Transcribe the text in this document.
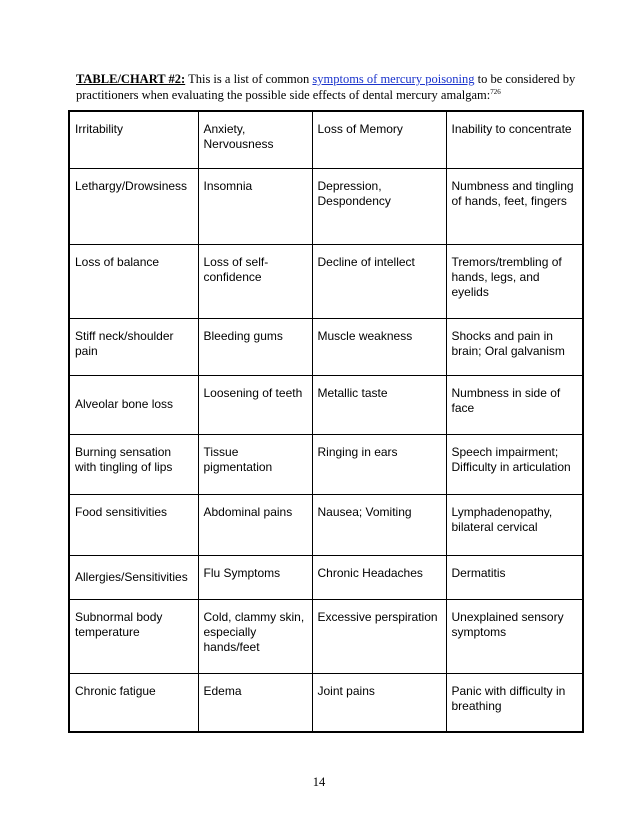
TABLE/CHART #2: This is a list of common symptoms of mercury poisoning to be considered by practitioners when evaluating the possible side effects of dental mercury amalgam:$^{726}$
Irritability	Anxiety, Nervousness	Loss of Memory	Inability to concentrate
Lethargy/Drowsiness	Insomnia	Depression, Despondency	Numbness and tingling of hands, feet, fingers
Loss of balance	Loss of self-confidence	Decline of intellect	Tremors/trembling of hands, legs, and eyelids
Stiff neck/shoulder pain	Bleeding gums	Muscle weakness	Shocks and pain in brain; Oral galvanism
Alveolar bone loss	Loosening of teeth	Metallic taste	Numbness in side of face
Burning sensation with tingling of lips	Tissue pigmentation	Ringing in ears	Speech impairment; Difficulty in articulation
Food sensitivities	Abdominal pains	Nausea; Vomiting	Lymphadenopathy, bilateral cervical
Allergies/Sensitivities	Flu Symptoms	Chronic Headaches	Dermatitis
Subnormal body temperature	Cold, clammy skin, especially hands/feet	Excessive perspiration	Unexplained sensory symptoms
Chronic fatigue	Edema	Joint pains	Panic with difficulty in breathing
14
